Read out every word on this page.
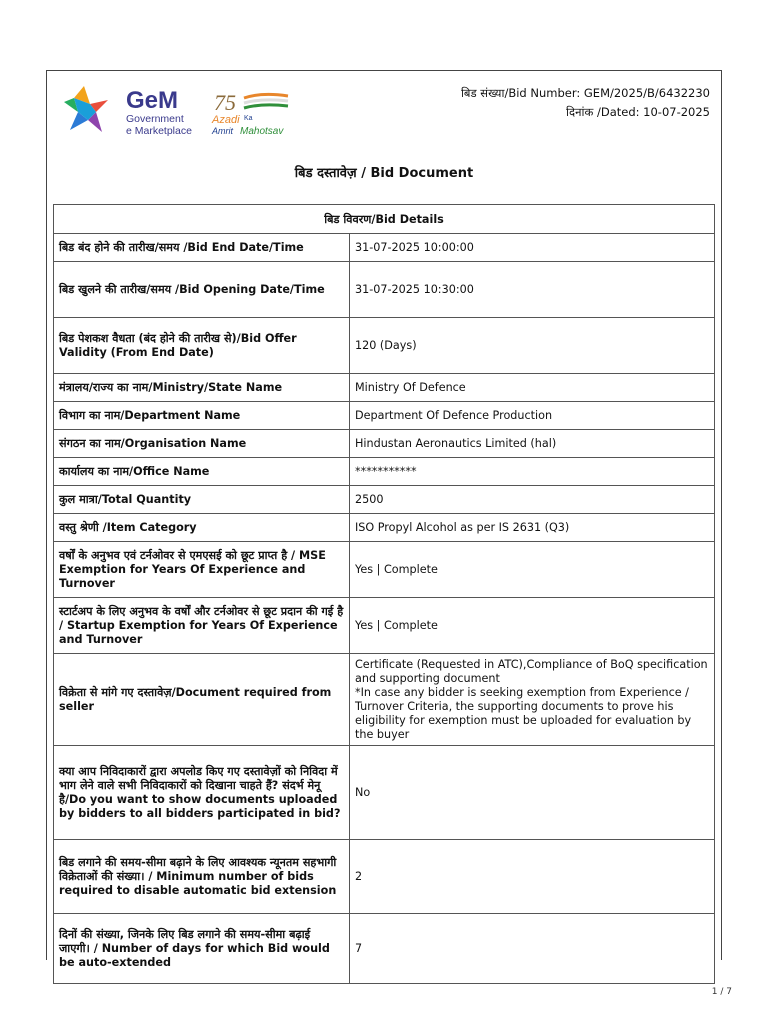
GeM
Government
e Marketplace
75
Azadi Ka
Amrit Mahotsav
बिड संख्या/Bid Number: GEM/2025/B/6432230
दिनांक /Dated: 10-07-2025
बिड दस्तावेज़ / Bid Document
बिड विवरण/Bid Details	
बिड बंद होने की तारीख/समय /Bid End Date/Time	31-07-2025 10:00:00
बिड खुलने की तारीख/समय /Bid Opening Date/Time	31-07-2025 10:30:00
बिड पेशकश वैधता (बंद होने की तारीख से)/Bid Offer Validity (From End Date)	120 (Days)
मंत्रालय/राज्य का नाम/Ministry/State Name	Ministry Of Defence
विभाग का नाम/Department Name	Department Of Defence Production
संगठन का नाम/Organisation Name	Hindustan Aeronautics Limited (hal)
कार्यालय का नाम/Office Name	***********
कुल मात्रा/Total Quantity	2500
वस्तु श्रेणी /Item Category	ISO Propyl Alcohol as per IS 2631 (Q3)
वर्षों के अनुभव एवं टर्नओवर से एमएसई को छूट प्राप्त है / MSE Exemption for Years Of Experience and Turnover	Yes | Complete
स्टार्टअप के लिए अनुभव के वर्षों और टर्नओवर से छूट प्रदान की गई है / Startup Exemption for Years Of Experience and Turnover	Yes | Complete
विक्रेता से मांगे गए दस्तावेज़/Document required from seller	Certificate (Requested in ATC),Compliance of BoQ specification and supporting document
*In case any bidder is seeking exemption from Experience / Turnover Criteria, the supporting documents to prove his eligibility for exemption must be uploaded for evaluation by the buyer
क्या आप निविदाकारों द्वारा अपलोड किए गए दस्तावेज़ों को निविदा में भाग लेने वाले सभी निविदाकारों को दिखाना चाहते हैं? संदर्भ मेनू है/Do you want to show documents uploaded by bidders to all bidders participated in bid?	No
बिड लगाने की समय-सीमा बढ़ाने के लिए आवश्यक न्यूनतम सहभागी विक्रेताओं की संख्या। / Minimum number of bids required to disable automatic bid extension	2
दिनों की संख्या, जिनके लिए बिड लगाने की समय-सीमा बढ़ाई जाएगी। / Number of days for which Bid would be auto-extended	7
1 / 7
